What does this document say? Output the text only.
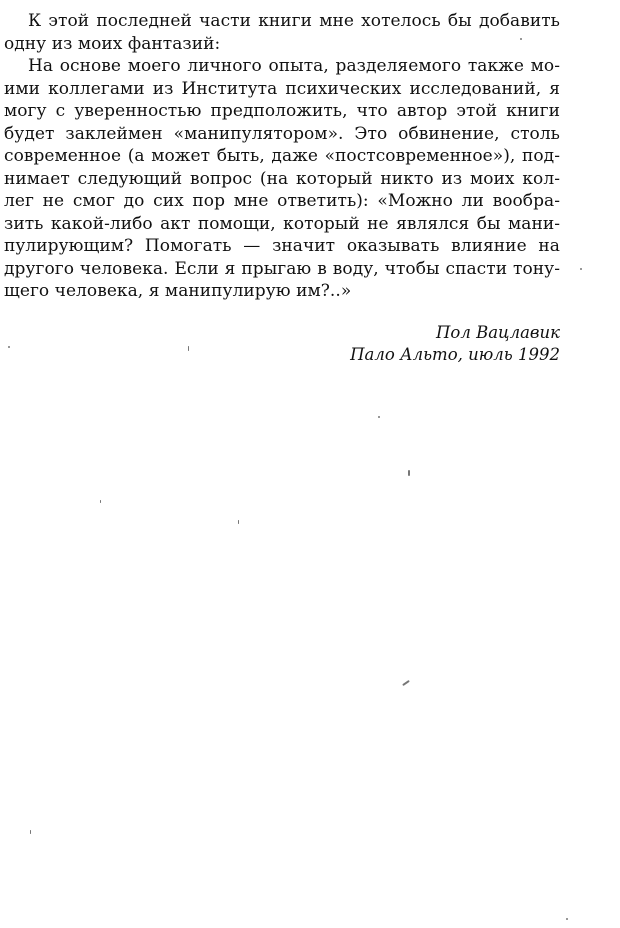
К этой последней части книги мне хотелось бы добавить
одну из моих фантазий:
На основе моего личного опыта, разделяемого также мо-
ими коллегами из Института психических исследований, я
могу с уверенностью предположить, что автор этой книги
будет заклеймен «манипулятором». Это обвинение, столь
современное (а может быть, даже «постсовременное»), под-
нимает следующий вопрос (на который никто из моих кол-
лег не смог до сих пор мне ответить): «Можно ли вообра-
зить какой-либо акт помощи, который не являлся бы мани-
пулирующим? Помогать — значит оказывать влияние на
другого человека. Если я прыгаю в воду, чтобы спасти тону-
щего человека, я манипулирую им?..»
Пол Вацлавик
Пало Альто, июль 1992
